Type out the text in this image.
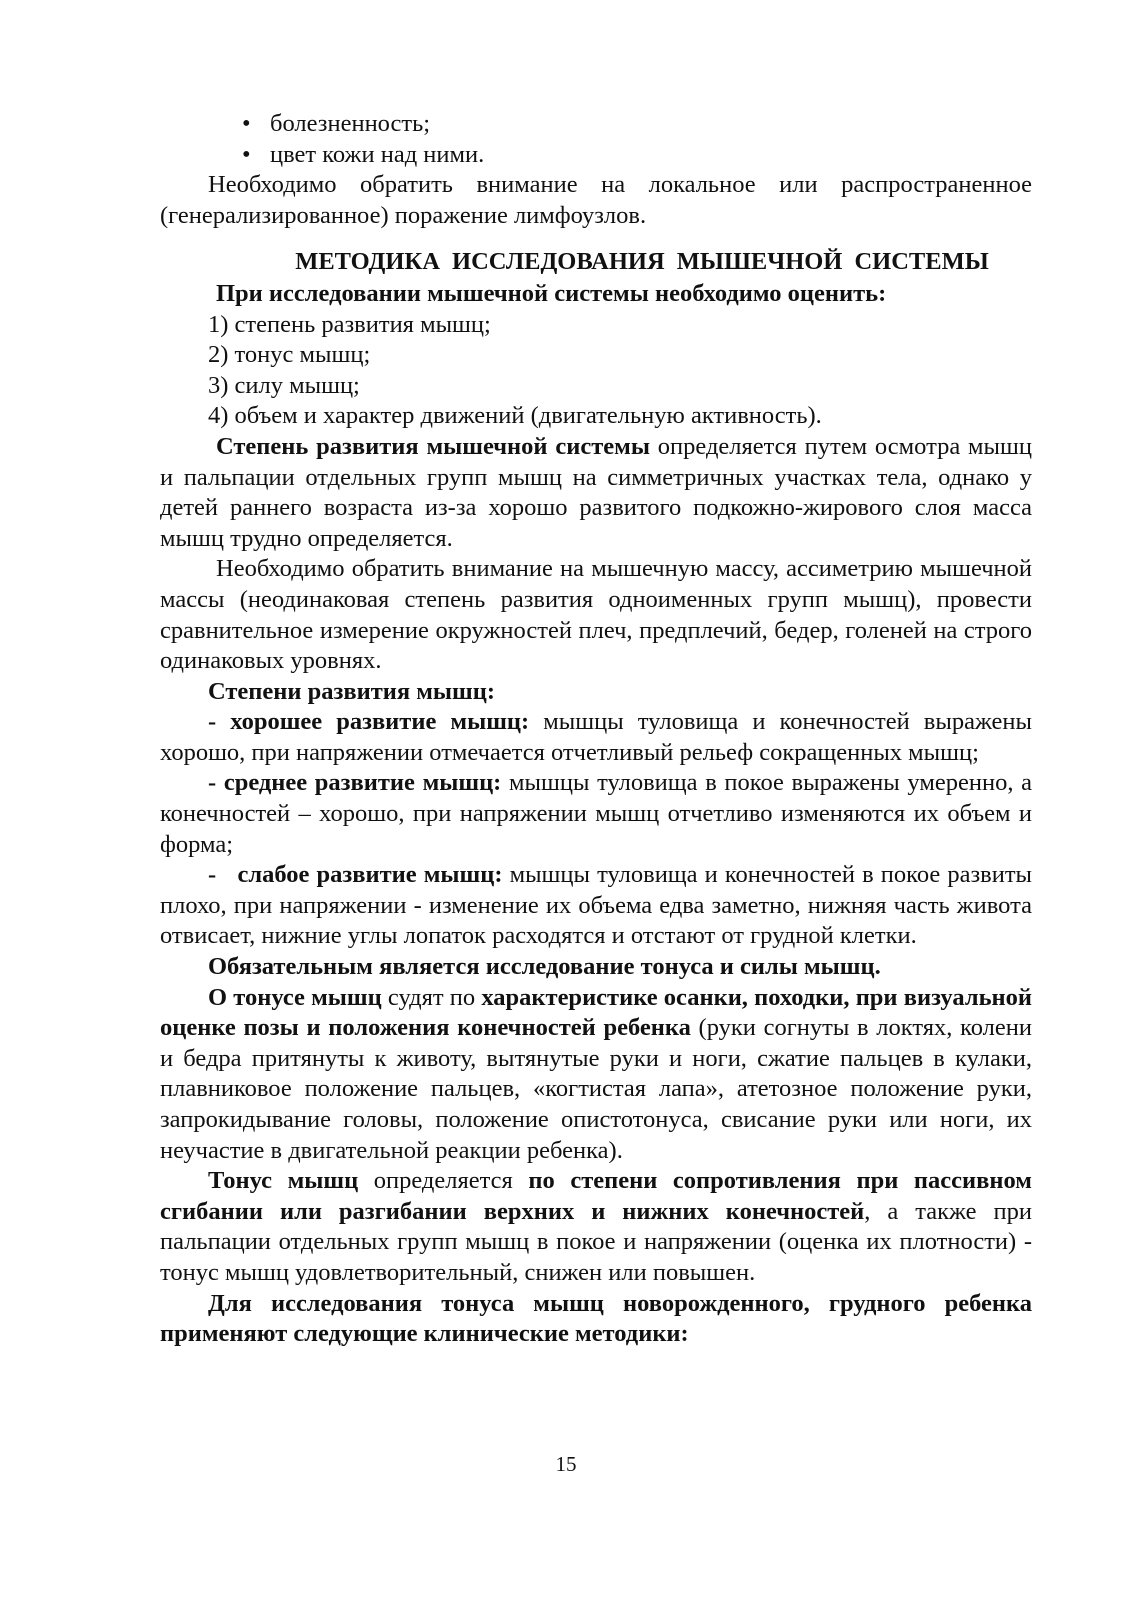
• болезненность;
• цвет кожи над ними.

Необходимо обратить внимание на локальное или распространенное (генерализированное) поражение лимфоузлов.

МЕТОДИКА ИССЛЕДОВАНИЯ МЫШЕЧНОЙ СИСТЕМЫ
При исследовании мышечной системы необходимо оценить:
1) степень развития мышц;
2) тонус мышц;
3) силу мышц;
4) объем и характер движений (двигательную активность).

Степень развития мышечной системы определяется путем осмотра мышц и пальпации отдельных групп мышц на симметричных участках тела, однако у детей раннего возраста из-за хорошо развитого подкожно-жирового слоя масса мышц трудно определяется.

Необходимо обратить внимание на мышечную массу, ассиметрию мышечной массы (неодинаковая степень развития одноименных групп мышц), провести сравнительное измерение окружностей плеч, предплечий, бедер, голеней на строго одинаковых уровнях.

Степени развития мышц:

- хорошее развитие мышц: мышцы туловища и конечностей выражены хорошо, при напряжении отмечается отчетливый рельеф сокращенных мышц;

- среднее развитие мышц: мышцы туловища в покое выражены умеренно, а конечностей – хорошо, при напряжении мышц отчетливо изменяются их объем и форма;

-   слабое развитие мышц: мышцы туловища и конечностей в покое развиты плохо, при напряжении - изменение их объема едва заметно, нижняя часть живота отвисает, нижние углы лопаток расходятся и отстают от грудной клетки.

Обязательным является исследование тонуса и силы мышц.

О тонусе мышц судят по характеристике осанки, походки, при визуальной оценке позы и положения конечностей ребенка (руки согнуты в локтях, колени и бедра притянуты к животу, вытянутые руки и ноги, сжатие пальцев в кулаки, плавниковое положение пальцев, «когтистая лапа», атетозное положение руки, запрокидывание головы, положение опистотонуса, свисание руки или ноги, их неучастие в двигательной реакции ребенка).

Тонус мышц определяется по степени сопротивления при пассивном сгибании или разгибании верхних и нижних конечностей, а также при пальпации отдельных групп мышц в покое и напряжении (оценка их плотности) - тонус мышц удовлетворительный, снижен или повышен.

Для исследования тонуса мышц новорожденного, грудного ребенка применяют следующие клинические методики:

15
